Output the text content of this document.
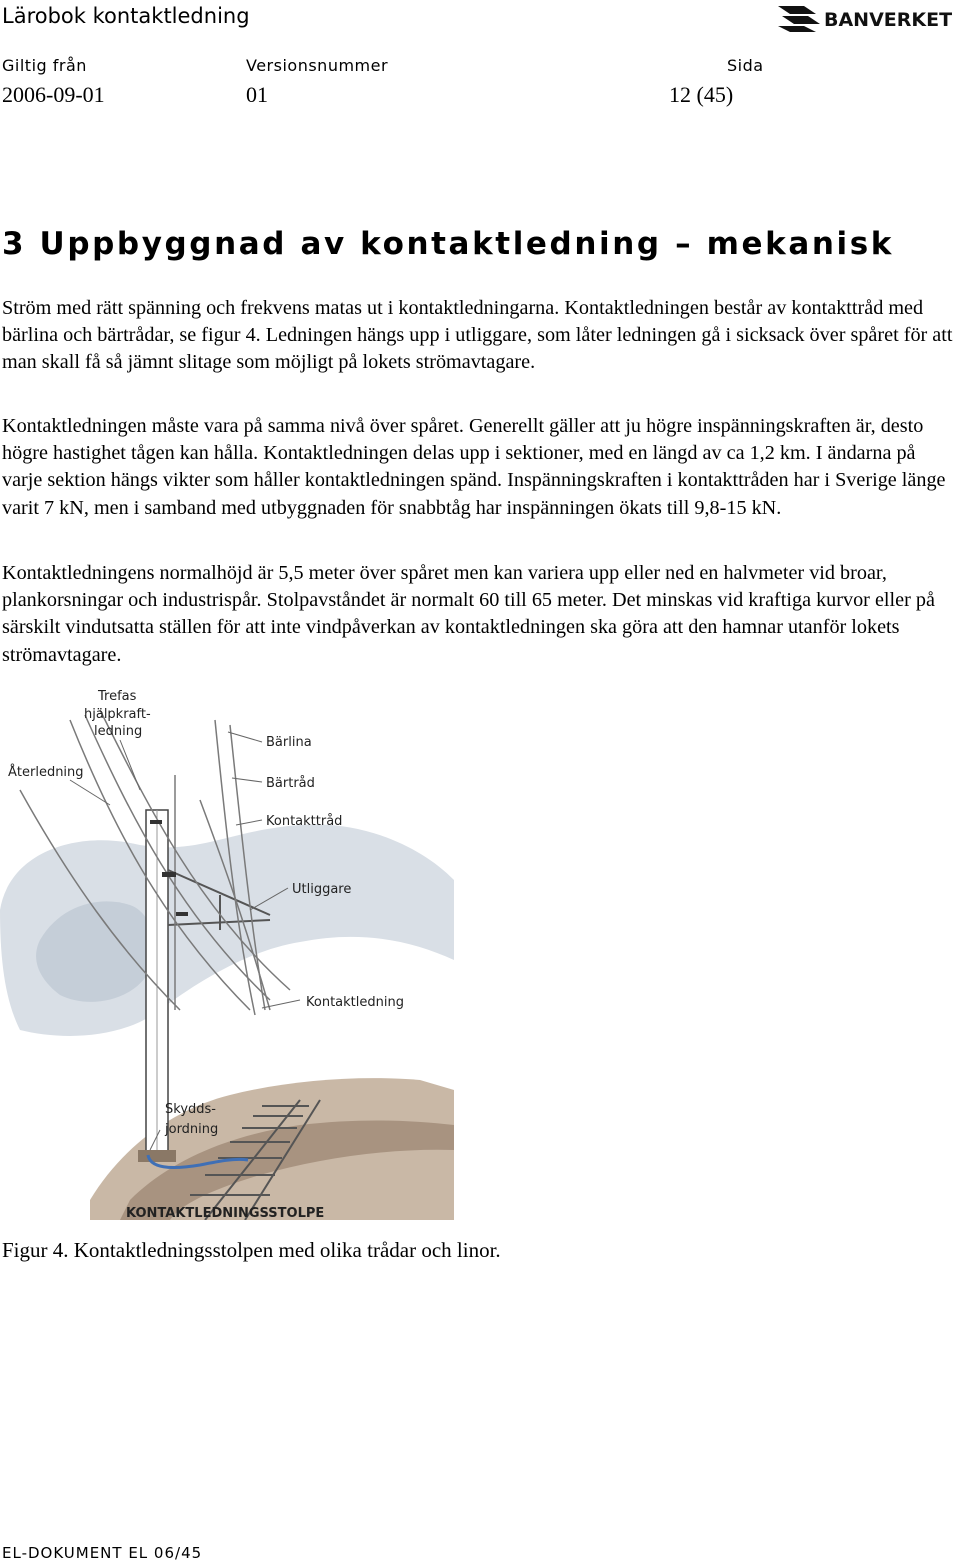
Lärobok kontaktledning	BANVERKET
Giltig från	Versionsnummer	Sida
2006-09-01	01	12 (45)
3 Uppbyggnad av kontaktledning – mekanisk

Ström med rätt spänning och frekvens matas ut i kontaktledningarna. Kontaktledningen består av kontakttråd med bärlina och bärtrådar, se figur 4. Ledningen hängs upp i utliggare, som låter ledningen gå i sicksack över spåret för att man skall få så jämnt slitage som möjligt på lokets strömavtagare.

Kontaktledningen måste vara på samma nivå över spåret. Generellt gäller att ju högre inspänningskraften är, desto högre hastighet tågen kan hålla. Kontaktledningen delas upp i sektioner, med en längd av ca 1,2 km. I ändarna på varje sektion hängs vikter som håller kontaktledningen spänd. Inspänningskraften i kontakttråden har i Sverige länge varit 7 kN, men i samband med utbyggnaden för snabbtåg har inspänningen ökats till 9,8-15 kN.

Kontaktledningens normalhöjd är 5,5 meter över spåret men kan variera upp eller ned en halvmeter vid broar, plankorsningar och industrispår. Stolpavståndet är normalt 60 till 65 meter. Det minskas vid kraftiga kurvor eller på särskilt vindutsatta ställen för att inte vindpåverkan av kontaktledningen ska göra att den hamnar utanför lokets strömavtagare.

Trefas
hjälpkraft-
ledning
Återledning
Bärlina
Bärtråd
Kontakttråd
Utliggare
Kontaktledning
Skydds-
jordning
KONTAKTLEDNINGSSTOLPE
Figur 4. Kontaktledningsstolpen med olika trådar och linor.
EL-DOKUMENT EL 06/45
